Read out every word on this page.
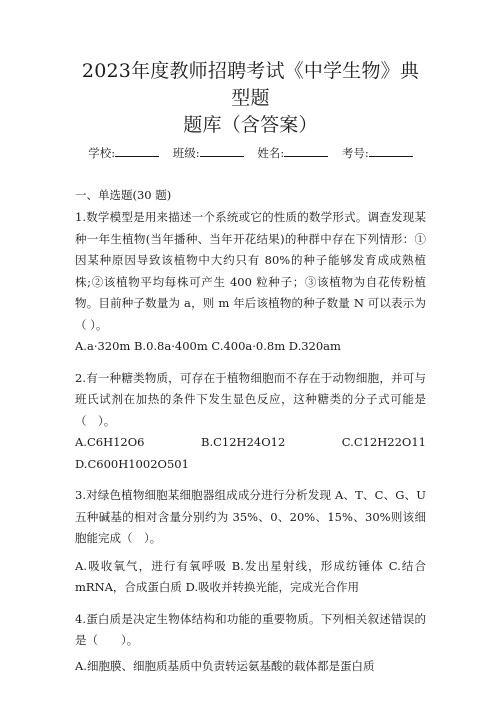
2023年度教师招聘考试《中学生物》典型题
题库（含答案）
学校:	班级:	姓名:	考号:
一、单选题(30 题)

1.数学模型是用来描述一个系统或它的性质的数学形式。调查发现某种一年生植物(当年播种、当年开花结果)的种群中存在下列情形：①因某种原因导致该植物中大约只有 80%的种子能够发育成成熟植株;②该植物平均每株可产生 400 粒种子；③该植物为自花传粉植物。目前种子数量为 a，则 m 年后该植物的种子数量 N 可以表示为（ ）。

A.a·320m B.0.8a·400m C.400a·0.8m D.320am

2.有一种糖类物质，可存在于植物细胞而不存在于动物细胞，并可与班氏试剂在加热的条件下发生显色反应，这种糖类的分子式可能是（　）。

A.C6H12O6 B.C12H24O12 C.C12H22O11 D.C600H1002O501

3.对绿色植物细胞某细胞器组成成分进行分析发现 A、T、C、G、U 五种碱基的相对含量分别约为 35%、0、20%、15%、30%则该细胞能完成（　）。

A.吸收氧气，进行有氧呼吸 B.发出星射线，形成纺锤体 C.结合 mRNA，合成蛋白质 D.吸收并转换光能，完成光合作用

4.蛋白质是决定生物体结构和功能的重要物质。下列相关叙述错误的是（　　）。

A.细胞膜、细胞质基质中负责转运氨基酸的载体都是蛋白质
